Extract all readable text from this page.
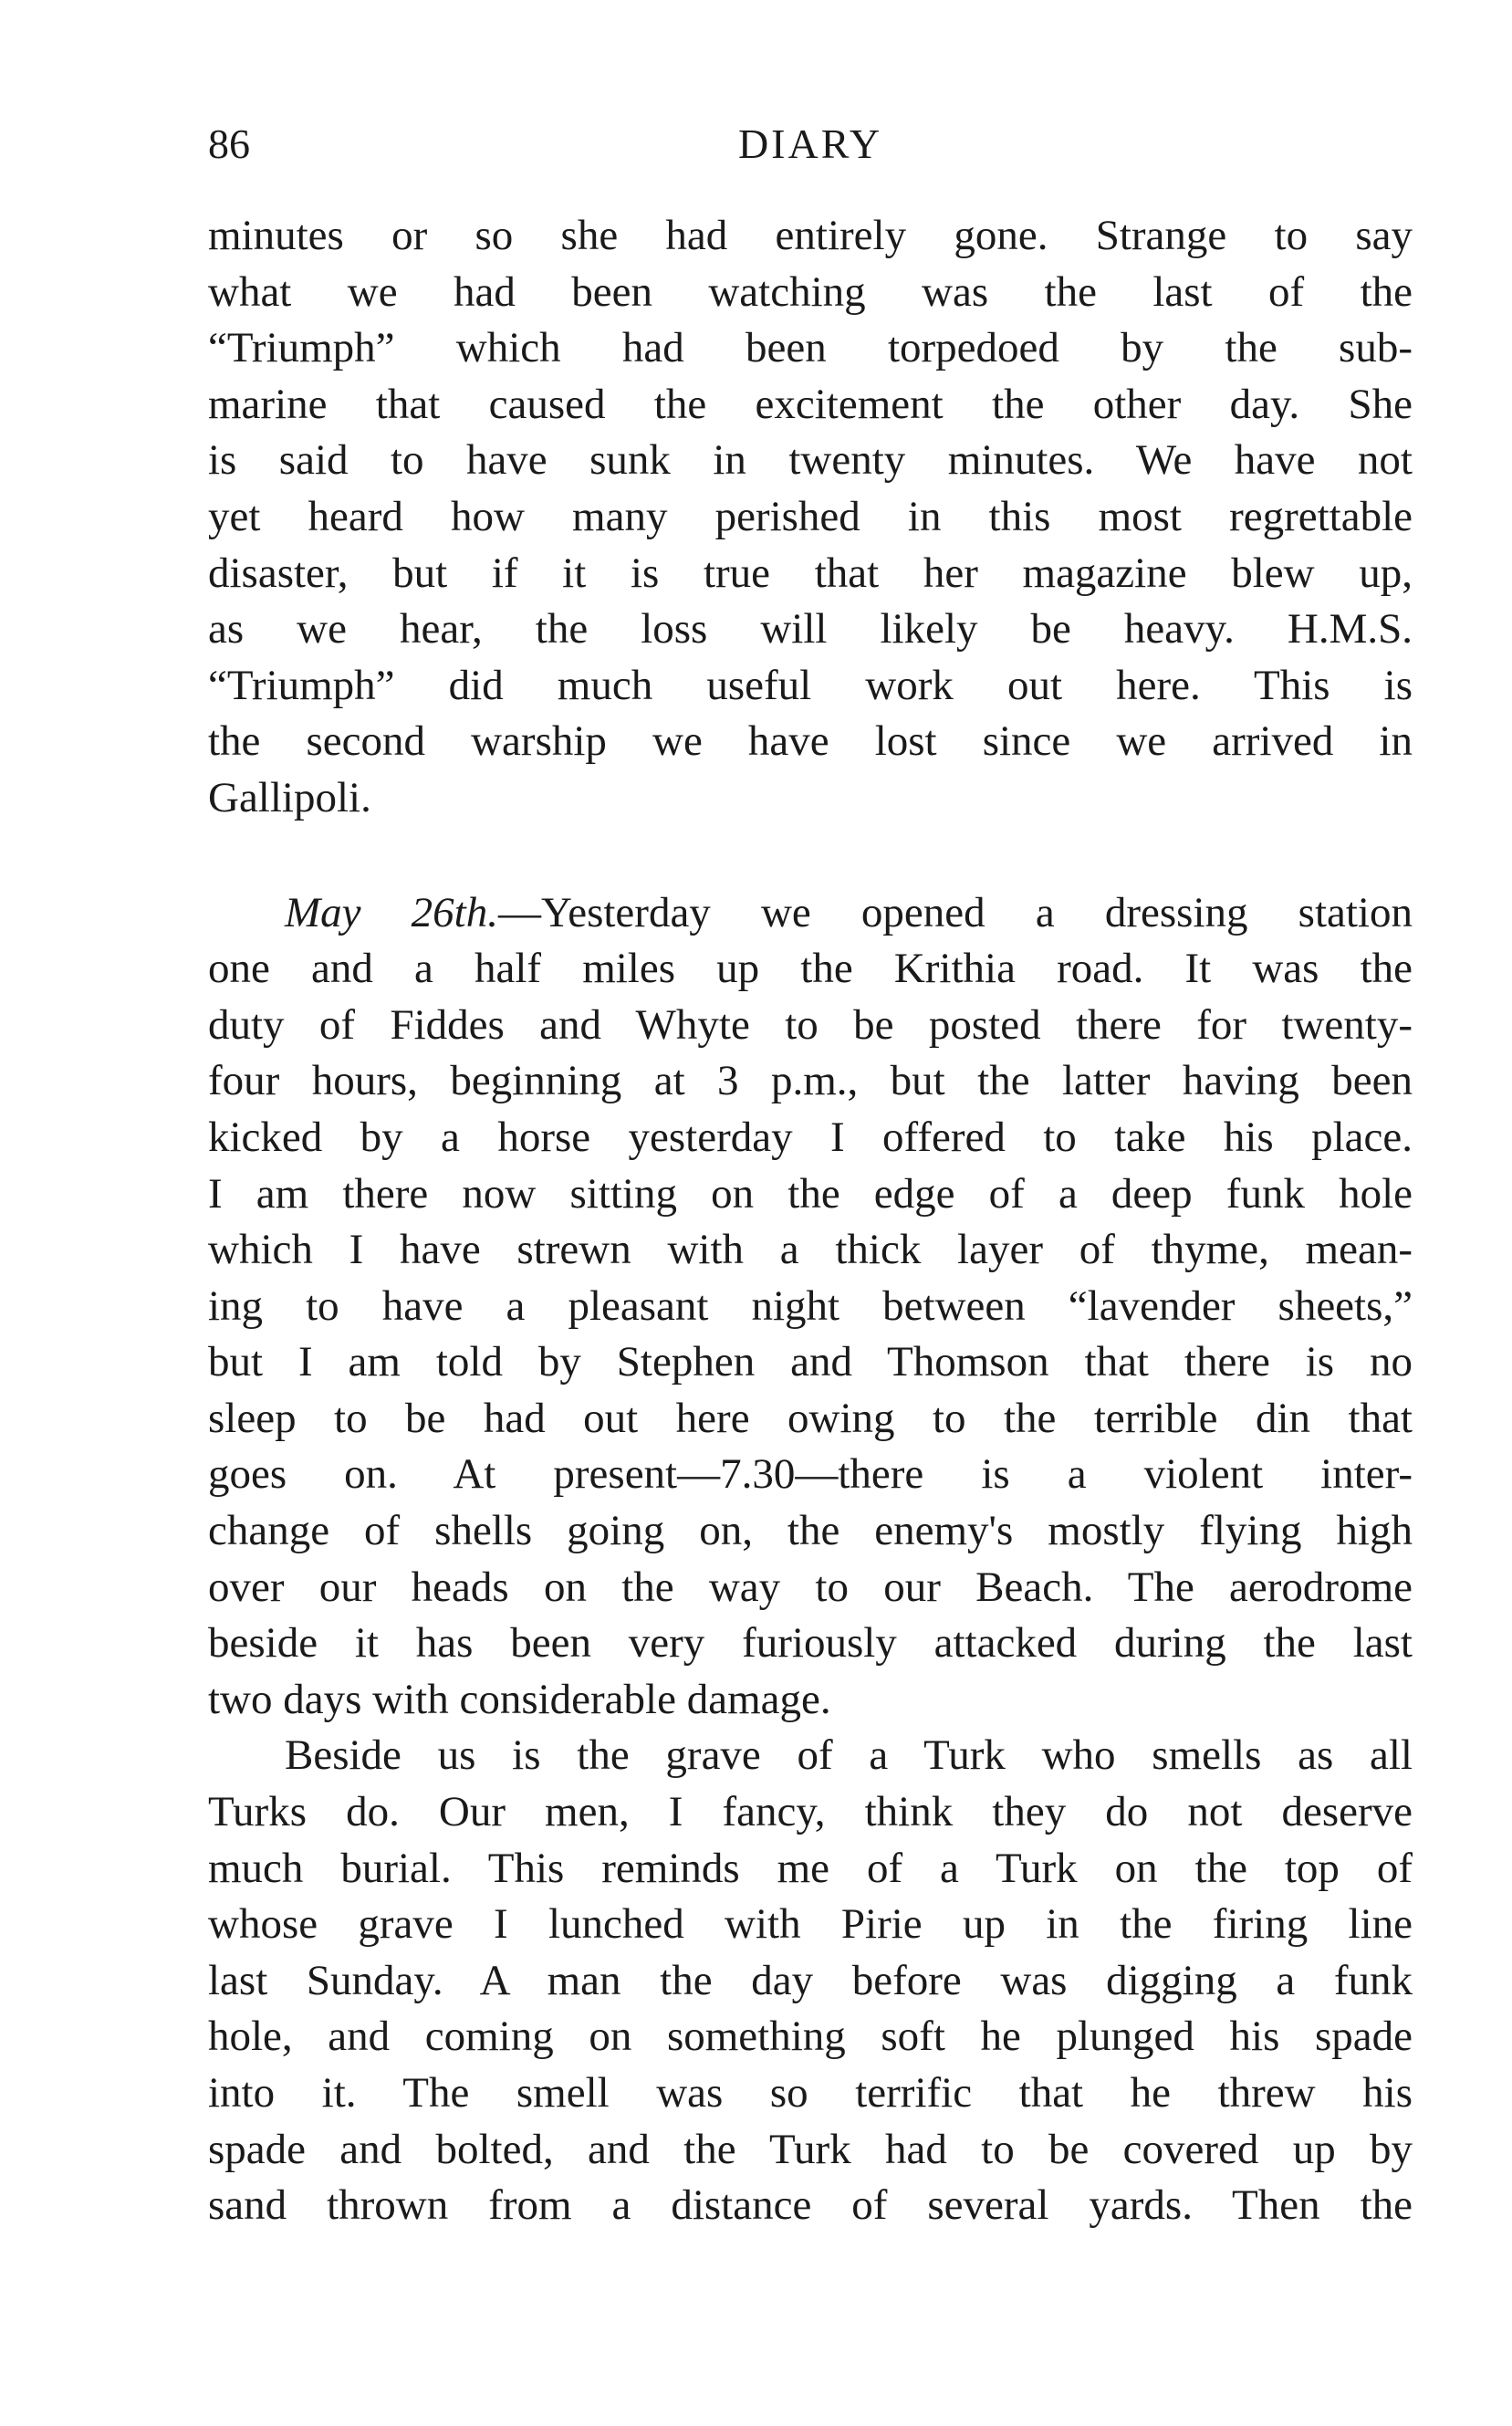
86	DIARY
minutes or so she had entirely gone. Strange to say
what we had been watching was the last of the
“Triumph” which had been torpedoed by the sub-
marine that caused the excitement the other day. She
is said to have sunk in twenty minutes. We have not
yet heard how many perished in this most regrettable
disaster, but if it is true that her magazine blew up,
as we hear, the loss will likely be heavy. H.M.S.
“Triumph” did much useful work out here. This is
the second warship we have lost since we arrived in
Gallipoli.
May 26th.—Yesterday we opened a dressing station
one and a half miles up the Krithia road. It was the
duty of Fiddes and Whyte to be posted there for twenty-
four hours, beginning at 3 p.m., but the latter having been
kicked by a horse yesterday I offered to take his place.
I am there now sitting on the edge of a deep funk hole
which I have strewn with a thick layer of thyme, mean-
ing to have a pleasant night between “lavender sheets,”
but I am told by Stephen and Thomson that there is no
sleep to be had out here owing to the terrible din that
goes on. At present—7.30—there is a violent inter-
change of shells going on, the enemy's mostly flying high
over our heads on the way to our Beach. The aerodrome
beside it has been very furiously attacked during the last
two days with considerable damage.
Beside us is the grave of a Turk who smells as all
Turks do. Our men, I fancy, think they do not deserve
much burial. This reminds me of a Turk on the top of
whose grave I lunched with Pirie up in the firing line
last Sunday. A man the day before was digging a funk
hole, and coming on something soft he plunged his spade
into it. The smell was so terrific that he threw his
spade and bolted, and the Turk had to be covered up by
sand thrown from a distance of several yards. Then the
